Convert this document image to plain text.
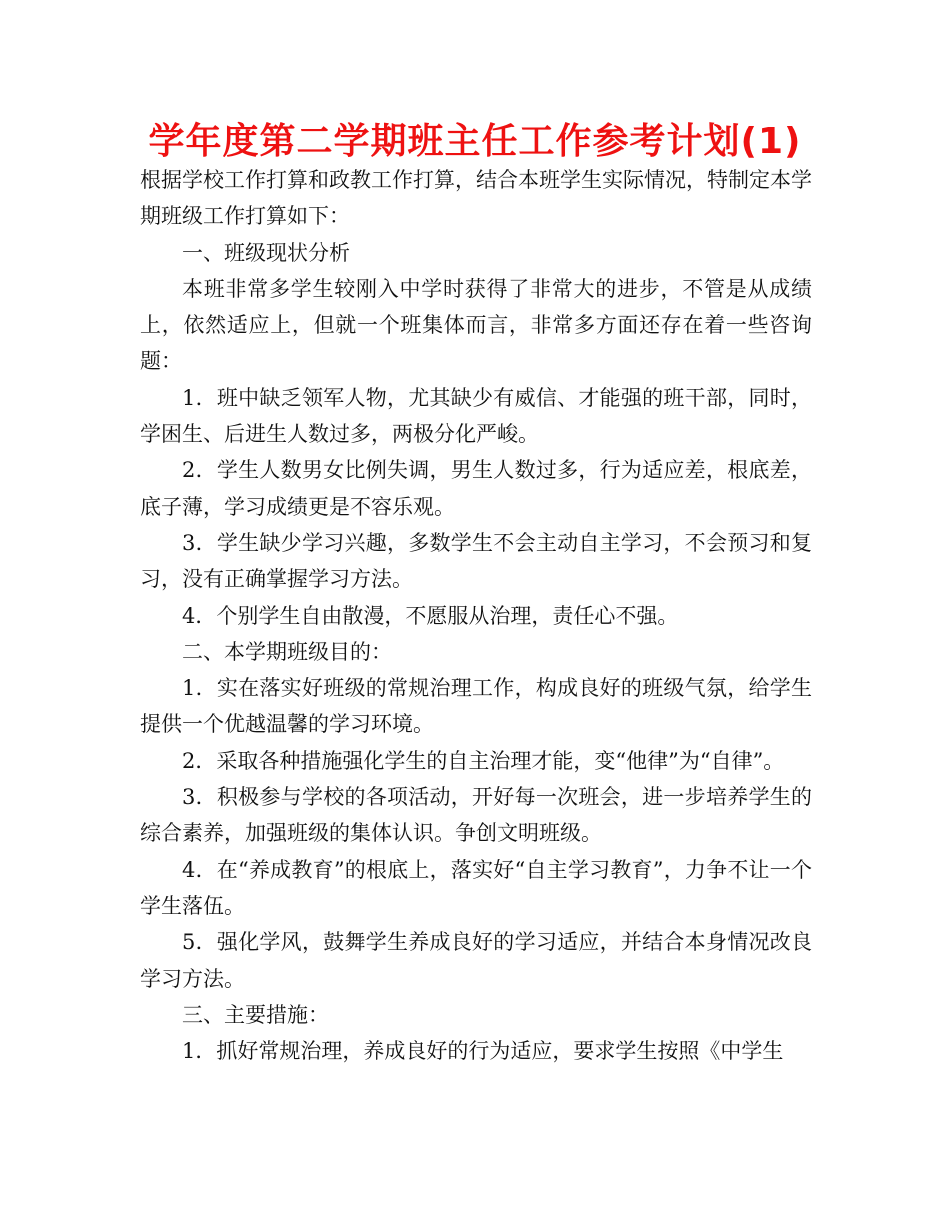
学年度第二学期班主任工作参考计划(1)

根据学校工作打算和政教工作打算，结合本班学生实际情况，特制定本学期班级工作打算如下：

一、班级现状分析

本班非常多学生较刚入中学时获得了非常大的进步，不管是从成绩上，依然适应上，但就一个班集体而言，非常多方面还存在着一些咨询题：

1．班中缺乏领军人物，尤其缺少有威信、才能强的班干部，同时，学困生、后进生人数过多，两极分化严峻。

2．学生人数男女比例失调，男生人数过多，行为适应差，根底差，底子薄，学习成绩更是不容乐观。

3．学生缺少学习兴趣，多数学生不会主动自主学习，不会预习和复习，没有正确掌握学习方法。

4．个别学生自由散漫，不愿服从治理，责任心不强。

二、本学期班级目的：

1．实在落实好班级的常规治理工作，构成良好的班级气氛，给学生提供一个优越温馨的学习环境。

2．采取各种措施强化学生的自主治理才能，变“他律”为“自律”。

3．积极参与学校的各项活动，开好每一次班会，进一步培养学生的综合素养，加强班级的集体认识。争创文明班级。

4．在“养成教育”的根底上，落实好“自主学习教育”，力争不让一个学生落伍。

5．强化学风，鼓舞学生养成良好的学习适应，并结合本身情况改良学习方法。

三、主要措施：

1．抓好常规治理，养成良好的行为适应，要求学生按照《中学生
